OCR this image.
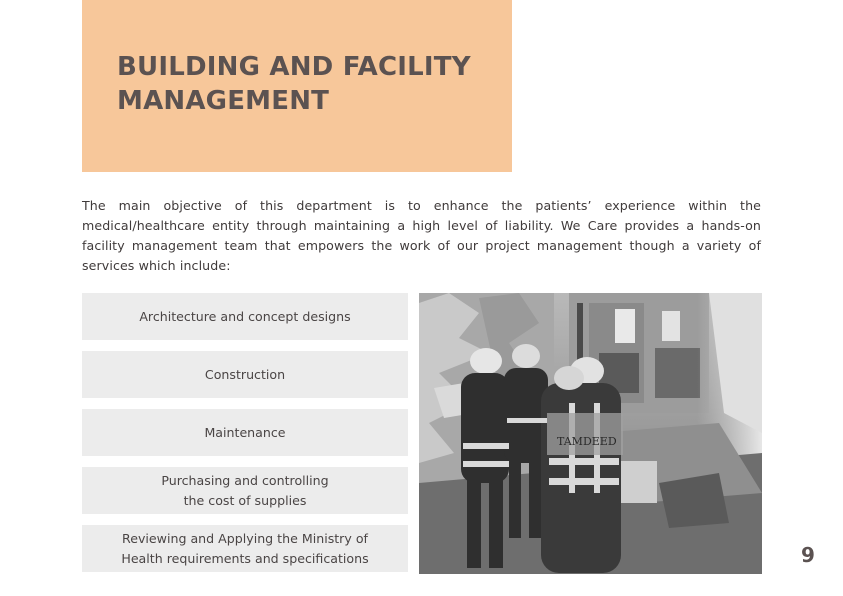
BUILDING AND FACILITY
MANAGEMENT

The main objective of this department is to enhance the patients’ experience within the medical/healthcare entity through maintaining a high level of liability. We Care provides a hands-on facility management team that empowers the work of our project management though a variety of services which include:

Architecture and concept designs
Construction
Maintenance
Purchasing and controlling
the cost of supplies
Reviewing and Applying the Ministry of
Health requirements and specifications
TAMDEED
9
